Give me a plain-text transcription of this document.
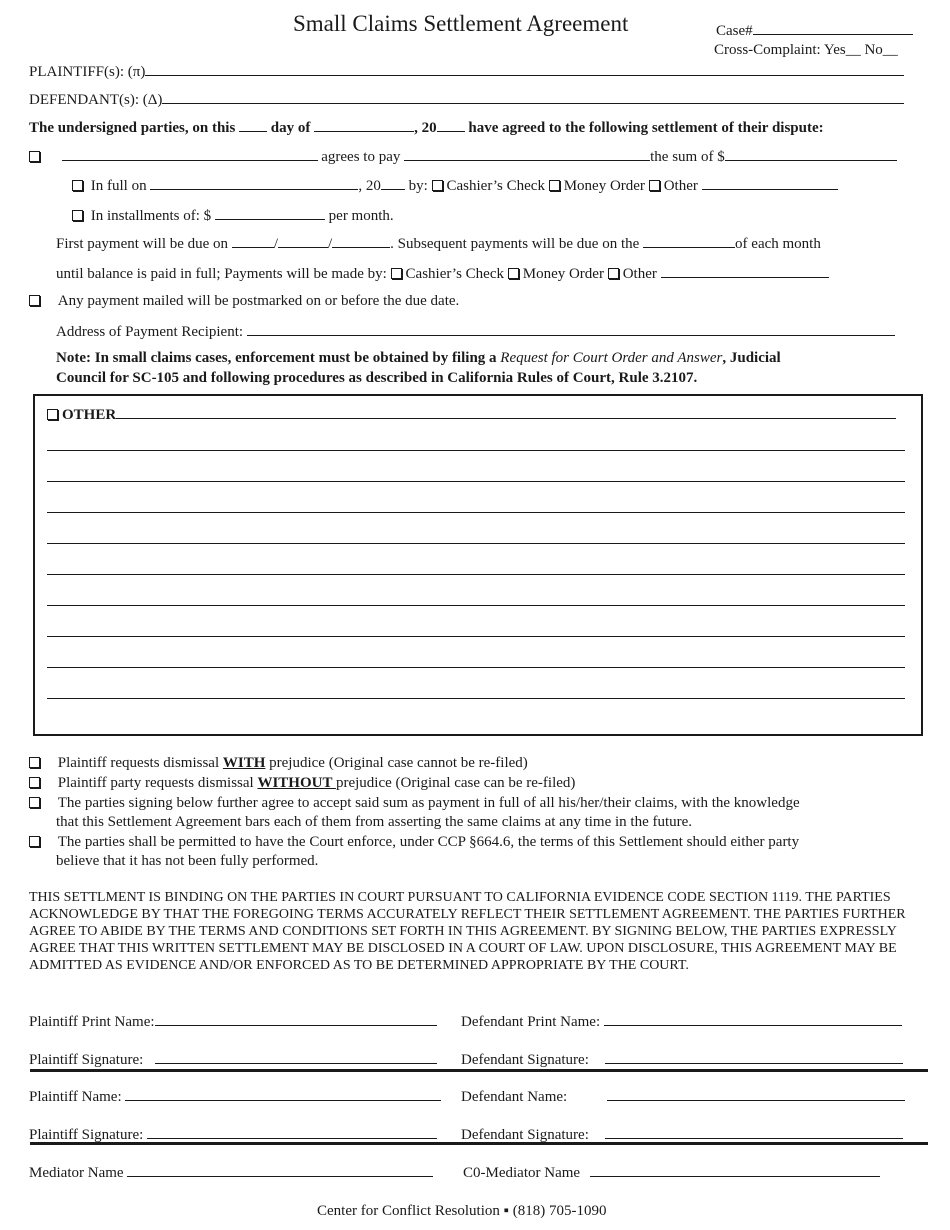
Small Claims Settlement Agreement	Case#
Cross-Complaint: Yes__ No__
PLAINTIFF(s): (π)
DEFENDANT(s): (Δ)
The undersigned parties, on this day of	, 20 have agreed to the following settlement of their dispute:
agrees to pay	the sum of $
In full on	, 20 by: Cashier’s Check Money Order Other
In installments of: $	per month.
First payment will be due on	/	/	. Subsequent payments will be due on the	of each month
until balance is paid in full; Payments will be made by: Cashier’s Check Money Order Other
Any payment mailed will be postmarked on or before the due date.
Address of Payment Recipient:
Note: In small claims cases, enforcement must be obtained by filing a Request for Court Order and Answer, Judicial
Council for SC-105 and following procedures as described in California Rules of Court, Rule 3.2107.
OTHER
Plaintiff requests dismissal WITH prejudice (Original case cannot be re-filed)
Plaintiff party requests dismissal WITHOUT prejudice (Original case can be re-filed)
The parties signing below further agree to accept said sum as payment in full of all his/her/their claims, with the knowledge
that this Settlement Agreement bars each of them from asserting the same claims at any time in the future.
The parties shall be permitted to have the Court enforce, under CCP §664.6, the terms of this Settlement should either party
believe that it has not been fully performed.
THIS SETTLMENT IS BINDING ON THE PARTIES IN COURT PURSUANT TO CALIFORNIA EVIDENCE CODE SECTION 1119. THE PARTIES ACKNOWLEDGE BY THAT THE FOREGOING TERMS ACCURATELY REFLECT THEIR SETTLEMENT AGREEMENT. THE PARTIES FURTHER AGREE TO ABIDE BY THE TERMS AND CONDITIONS SET FORTH IN THIS AGREEMENT. BY SIGNING BELOW, THE PARTIES EXPRESSLY AGREE THAT THIS WRITTEN SETTLEMENT MAY BE DISCLOSED IN A COURT OF LAW. UPON DISCLOSURE, THIS AGREEMENT MAY BE ADMITTED AS EVIDENCE AND/OR ENFORCED AS TO BE DETERMINED APPROPRIATE BY THE COURT.
Plaintiff Print Name:	Defendant Print Name:
Plaintiff Signature:	Defendant Signature:
Plaintiff Name:	Defendant Name:
Plaintiff Signature:	Defendant Signature:
Mediator Name	C0-Mediator Name
Center for Conflict Resolution ▪ (818) 705-1090
